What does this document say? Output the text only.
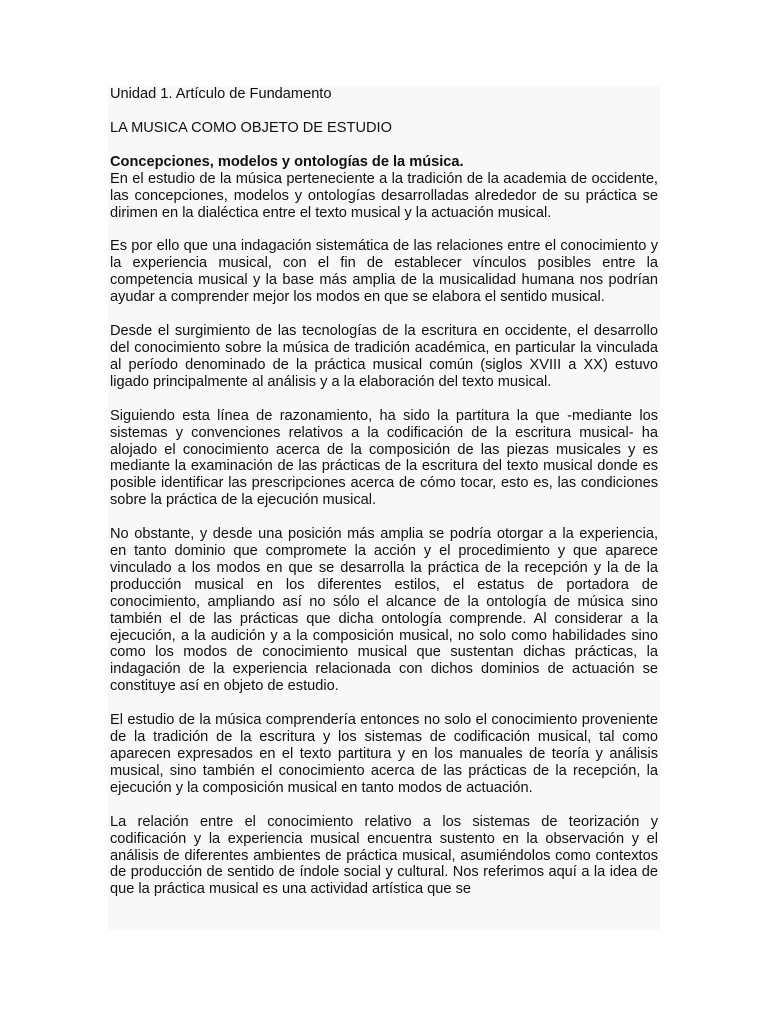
Unidad 1. Artículo de Fundamento

LA MUSICA COMO OBJETO DE ESTUDIO

Concepciones, modelos y ontologías de la música.

En el estudio de la música perteneciente a la tradición de la academia de occidente, las concepciones, modelos y ontologías desarrolladas alrededor de su práctica se dirimen en la dialéctica entre el texto musical y la actuación musical.

Es por ello que una indagación sistemática de las relaciones entre el conocimiento y la experiencia musical, con el fin de establecer vínculos posibles entre la competencia musical y la base más amplia de la musicalidad humana nos podrían ayudar a comprender mejor los modos en que se elabora el sentido musical.

Desde el surgimiento de las tecnologías de la escritura en occidente, el desarrollo del conocimiento sobre la música de tradición académica, en particular la vinculada al período denominado de la práctica musical común (siglos XVIII a XX) estuvo ligado principalmente al análisis y a la elaboración del texto musical.

Siguiendo esta línea de razonamiento, ha sido la partitura la que -mediante los sistemas y convenciones relativos a la codificación de la escritura musical- ha alojado el conocimiento acerca de la composición de las piezas musicales y es mediante la examinación de las prácticas de la escritura del texto musical donde es posible identificar las prescripciones acerca de cómo tocar, esto es, las condiciones sobre la práctica de la ejecución musical.

No obstante, y desde una posición más amplia se podría otorgar a la experiencia, en tanto dominio que compromete la acción y el procedimiento y que aparece vinculado a los modos en que se desarrolla la práctica de la recepción y la de la producción musical en los diferentes estilos, el estatus de portadora de conocimiento, ampliando así no sólo el alcance de la ontología de música sino también el de las prácticas que dicha ontología comprende. Al considerar a la ejecución, a la audición y a la composición musical, no solo como habilidades sino como los modos de conocimiento musical que sustentan dichas prácticas, la indagación de la experiencia relacionada con dichos dominios de actuación se constituye así en objeto de estudio.

El estudio de la música comprendería entonces no solo el conocimiento proveniente de la tradición de la escritura y los sistemas de codificación musical, tal como aparecen expresados en el texto partitura y en los manuales de teoría y análisis musical, sino también el conocimiento acerca de las prácticas de la recepción, la ejecución y la composición musical en tanto modos de actuación.

La relación entre el conocimiento relativo a los sistemas de teorización y codificación y la experiencia musical encuentra sustento en la observación y el análisis de diferentes ambientes de práctica musical, asumiéndolos como contextos de producción de sentido de índole social y cultural. Nos referimos aquí a la idea de que la práctica musical es una actividad artística que se
